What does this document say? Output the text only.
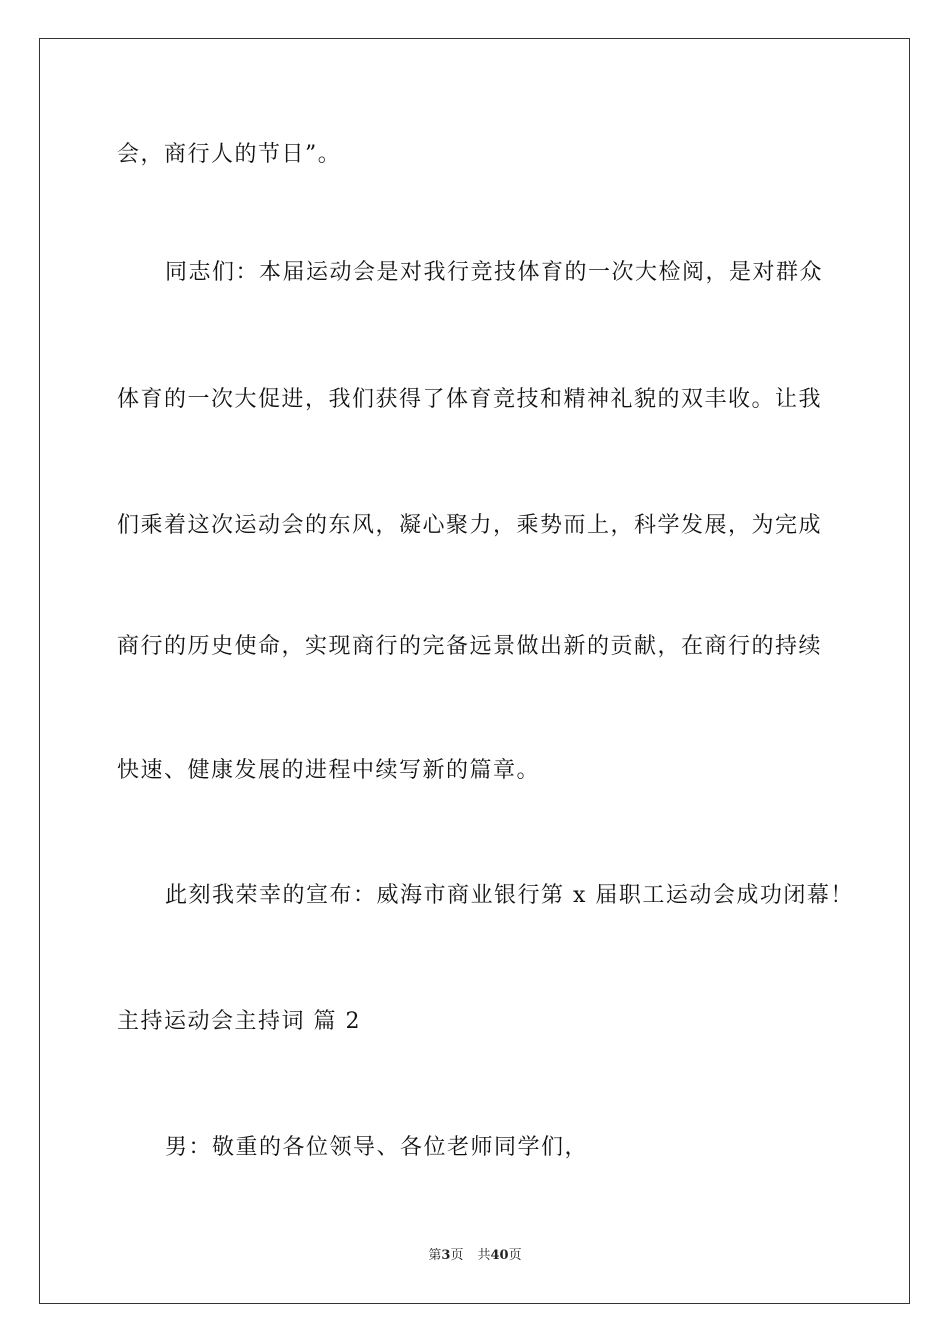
会，商行人的节日”。
同志们：本届运动会是对我行竞技体育的一次大检阅，是对群众
体育的一次大促进，我们获得了体育竞技和精神礼貌的双丰收。让我
们乘着这次运动会的东风，凝心聚力，乘势而上，科学发展，为完成
商行的历史使命，实现商行的完备远景做出新的贡献，在商行的持续
快速、健康发展的进程中续写新的篇章。
此刻我荣幸的宣布：威海市商业银行第 x 届职工运动会成功闭幕！
主持运动会主持词 篇 2
男：敬重的各位领导、各位老师同学们，
第3页 共40页
